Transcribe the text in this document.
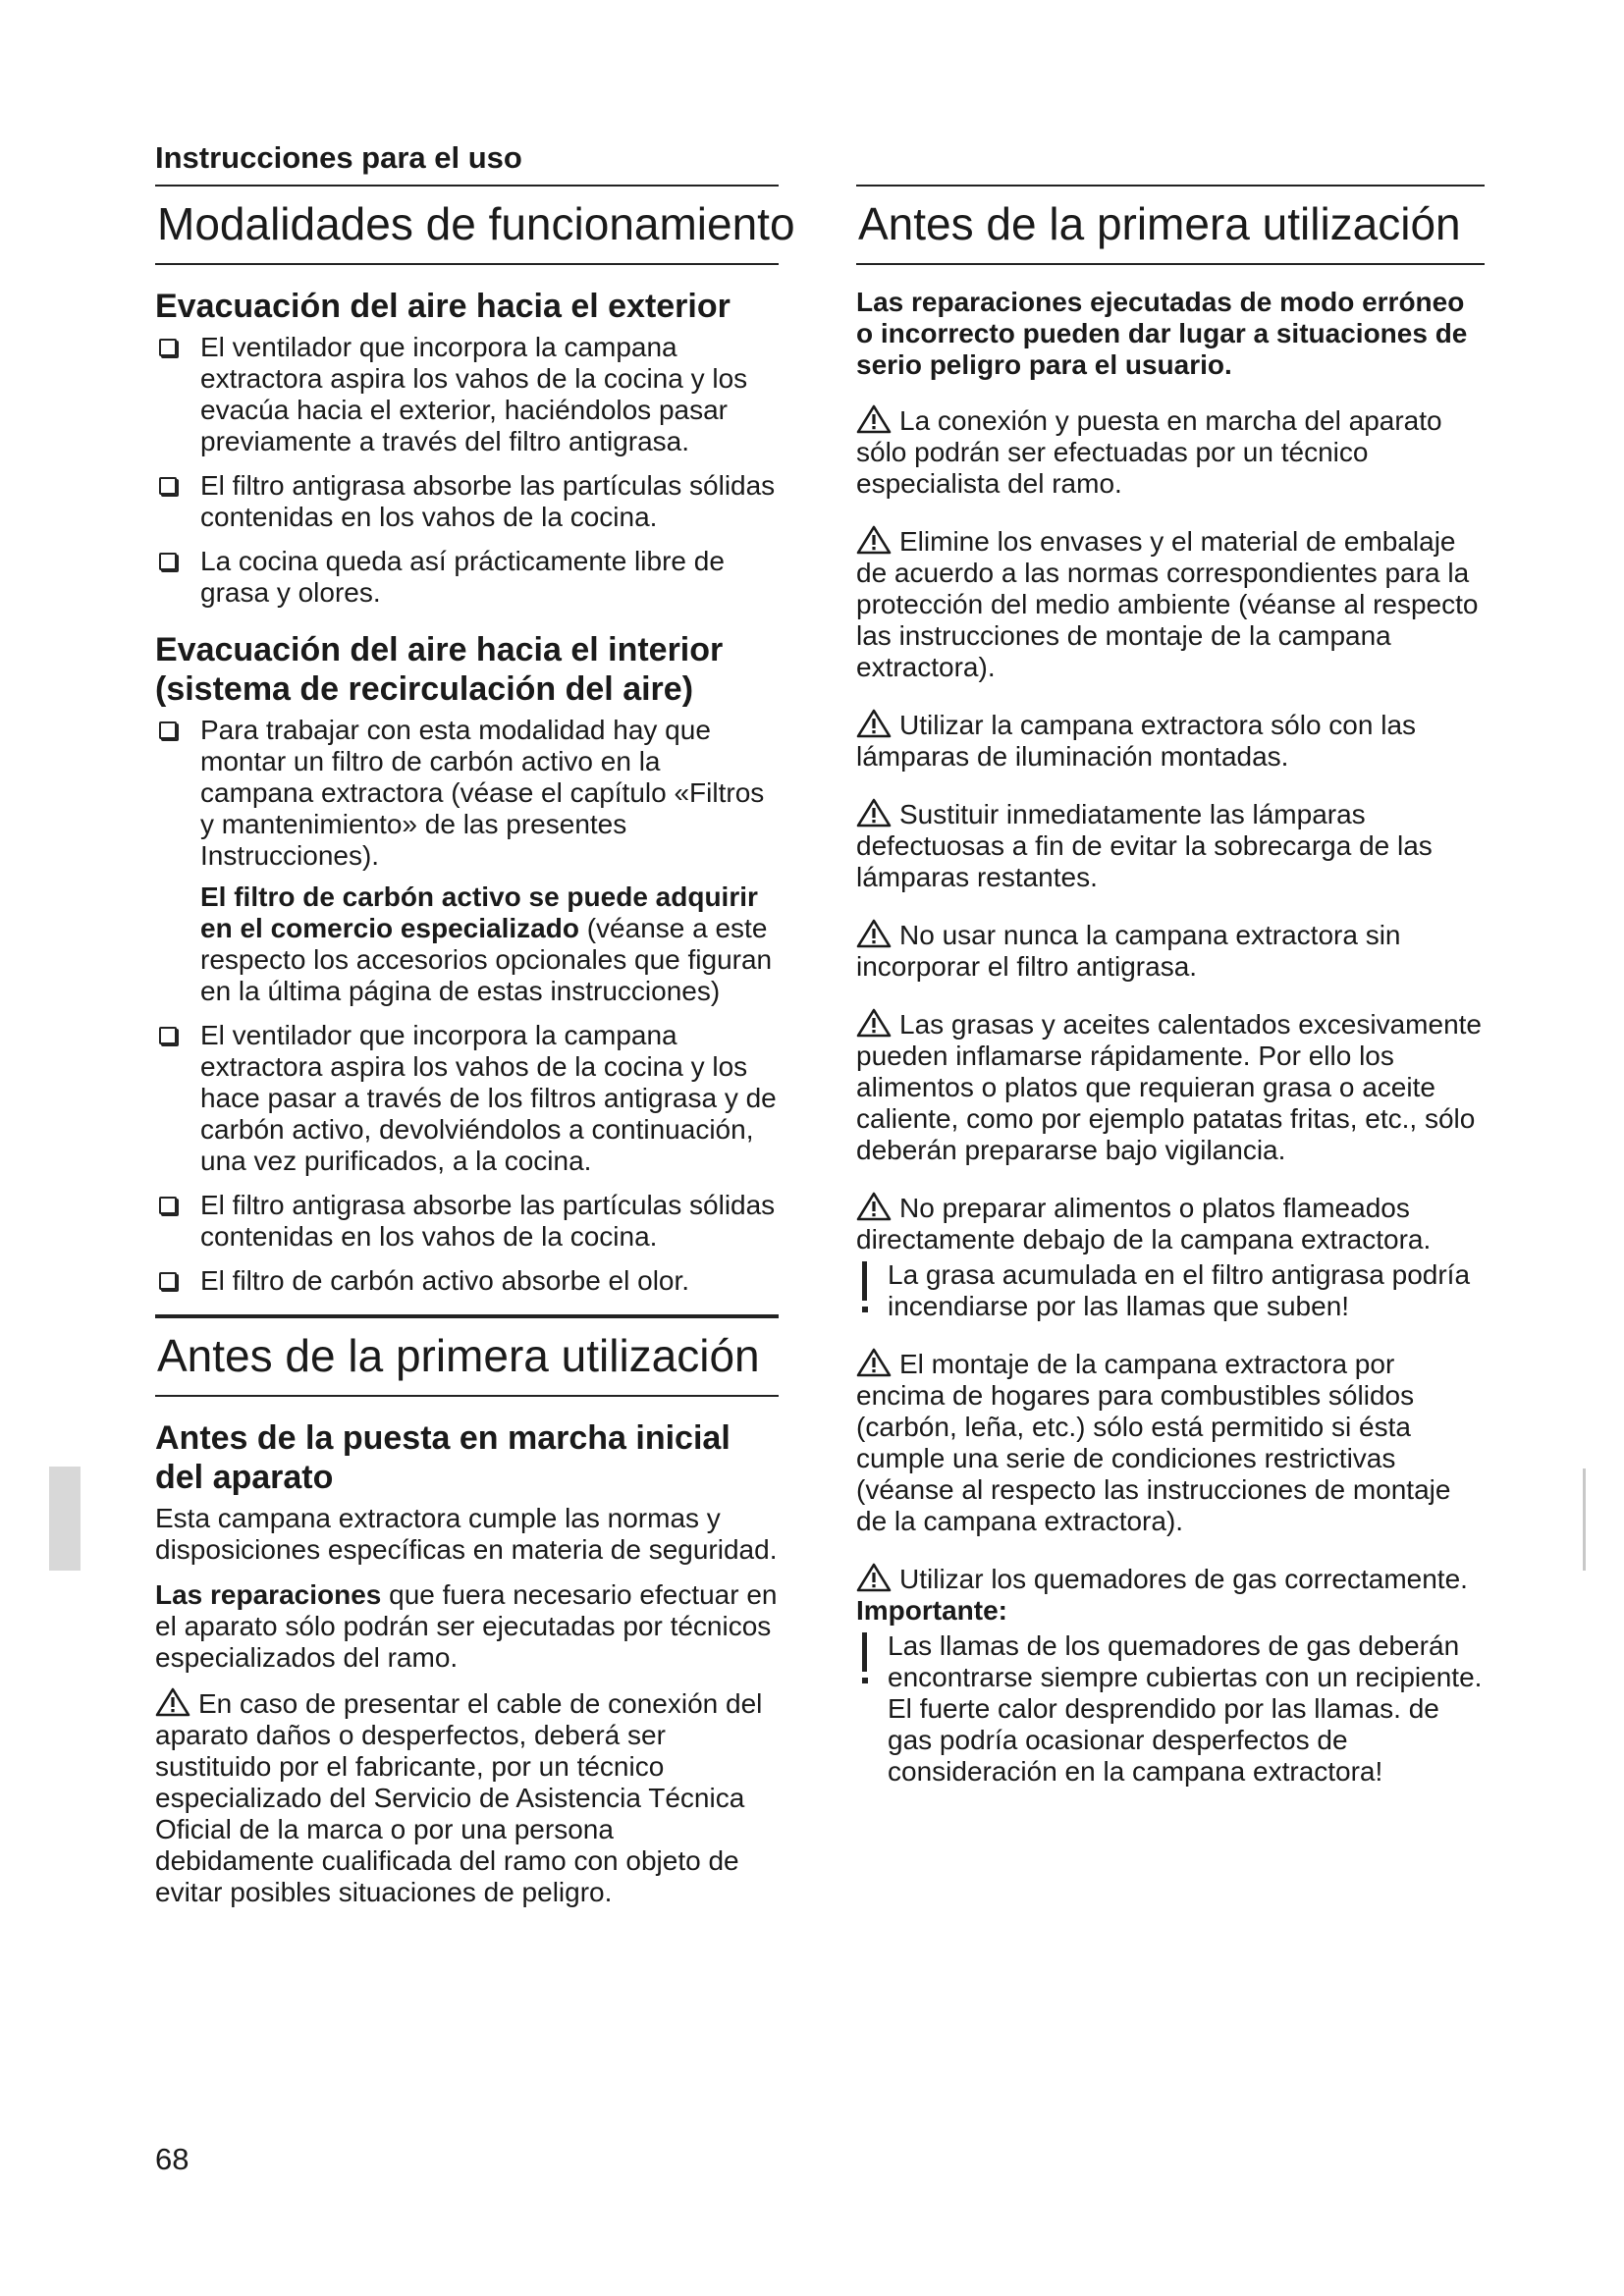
Instrucciones para el uso
Modalidades de funcionamiento
Evacuación del aire hacia el exterior
El ventilador que incorpora la campana extractora aspira los vahos de la cocina y los evacúa hacia el exterior, haciéndolos pasar previamente a través del filtro antigrasa.
El filtro antigrasa absorbe las partículas sólidas contenidas en los vahos de la cocina.
La cocina queda así prácticamente libre de grasa y olores.
Evacuación del aire hacia el interior (sistema de recirculación del aire)
Para trabajar con esta modalidad hay que montar un filtro de carbón activo en la campana extractora (véase el capítulo «Filtros y mantenimiento» de las presentes Instrucciones).
El filtro de carbón activo se puede adquirir en el comercio especializado (véanse a este respecto los accesorios opcionales que figuran en la última página de estas instrucciones)
El ventilador que incorpora la campana extractora aspira los vahos de la cocina y los hace pasar a través de los filtros antigrasa y de carbón activo, devolviéndolos a continuación, una vez purificados, a la cocina.
El filtro antigrasa absorbe las partículas sólidas contenidas en los vahos de la cocina.
El filtro de carbón activo absorbe el olor.
Antes de la primera utilización
Antes de la puesta en marcha inicial del aparato

Esta campana extractora cumple las normas y disposiciones específicas en materia de seguridad.

Las reparaciones que fuera necesario efectuar en el aparato sólo podrán ser ejecutadas por técnicos especializados del ramo.

En caso de presentar el cable de conexión del aparato daños o desperfectos, deberá ser sustituido por el fabricante, por un técnico especializado del Servicio de Asistencia Técnica Oficial de la marca o por una persona debidamente cualificada del ramo con objeto de evitar posibles situaciones de peligro.

Antes de la primera utilización

Las reparaciones ejecutadas de modo erróneo o incorrecto pueden dar lugar a situaciones de serio peligro para el usuario.

La conexión y puesta en marcha del aparato sólo podrán ser efectuadas por un técnico especialista del ramo.

Elimine los envases y el material de embalaje de acuerdo a las normas correspondientes para la protección del medio ambiente (véanse al respecto las instrucciones de montaje de la campana extractora).

Utilizar la campana extractora sólo con las lámparas de iluminación montadas.

Sustituir inmediatamente las lámparas defectuosas a fin de evitar la sobrecarga de las lámparas restantes.

No usar nunca la campana extractora sin incorporar el filtro antigrasa.

Las grasas y aceites calentados excesivamente pueden inflamarse rápidamente. Por ello los alimentos o platos que requieran grasa o aceite caliente, como por ejemplo patatas fritas, etc., sólo deberán prepararse bajo vigilancia.

No preparar alimentos o platos flameados directamente debajo de la campana extractora.

La grasa acumulada en el filtro antigrasa podría incendiarse por las llamas que suben!

El montaje de la campana extractora por encima de hogares para combustibles sólidos (carbón, leña, etc.) sólo está permitido si ésta cumple una serie de condiciones restrictivas (véanse al respecto las instrucciones de montaje de la campana extractora).

Utilizar los quemadores de gas correctamente.

Importante:

Las llamas de los quemadores de gas deberán encontrarse siempre cubiertas con un recipiente.
El fuerte calor desprendido por las llamas. de gas podría ocasionar desperfectos de consideración en la campana extractora!
68
